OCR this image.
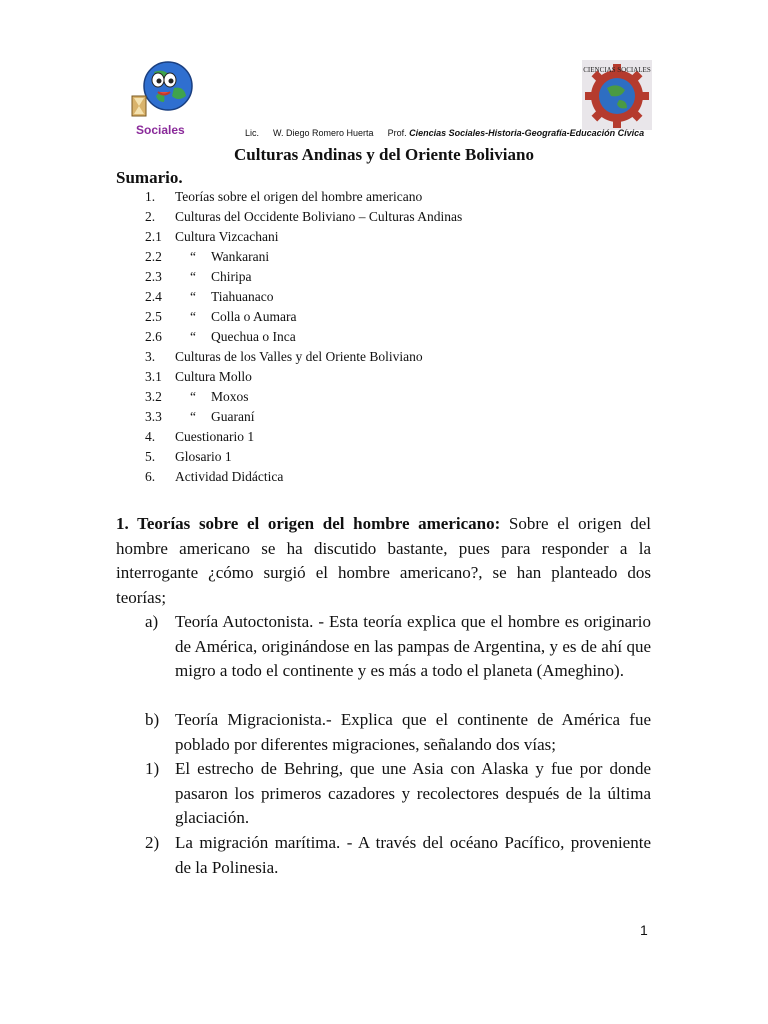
Sociales
CIENCIAS SOCIALES
Lic. W. Diego Romero Huerta Prof. Ciencias Sociales-Historia-Geografía-Educación Cívica
Culturas Andinas y del Oriente Boliviano
Sumario.
1. Teorías sobre el origen del hombre americano
2. Culturas del Occidente Boliviano – Culturas Andinas
2.1 Cultura Vizcachani
2.2	“ Wankarani
2.3	“ Chiripa
2.4	“ Tiahuanaco
2.5	“ Colla o Aumara
2.6	“ Quechua o Inca
3. Culturas de los Valles y del Oriente Boliviano
3.1 Cultura Mollo
3.2	“ Moxos
3.3	“ Guaraní
4. Cuestionario 1
5. Glosario 1
6. Actividad Didáctica
1. Teorías sobre el origen del hombre americano: Sobre el origen del hombre americano se ha discutido bastante, pues para responder a la interrogante ¿cómo surgió el hombre americano?, se han planteado dos teorías;
a) Teoría Autoctonista. - Esta teoría explica que el hombre es originario de América, originándose en las pampas de Argentina, y es de ahí que migro a todo el continente y es más a todo el planeta (Ameghino).
b) Teoría Migracionista.- Explica que el continente de América fue poblado por diferentes migraciones, señalando dos vías;
1) El estrecho de Behring, que une Asia con Alaska y fue por donde pasaron los primeros cazadores y recolectores después de la última glaciación.
2) La migración marítima. - A través del océano Pacífico, proveniente de la Polinesia.
1
